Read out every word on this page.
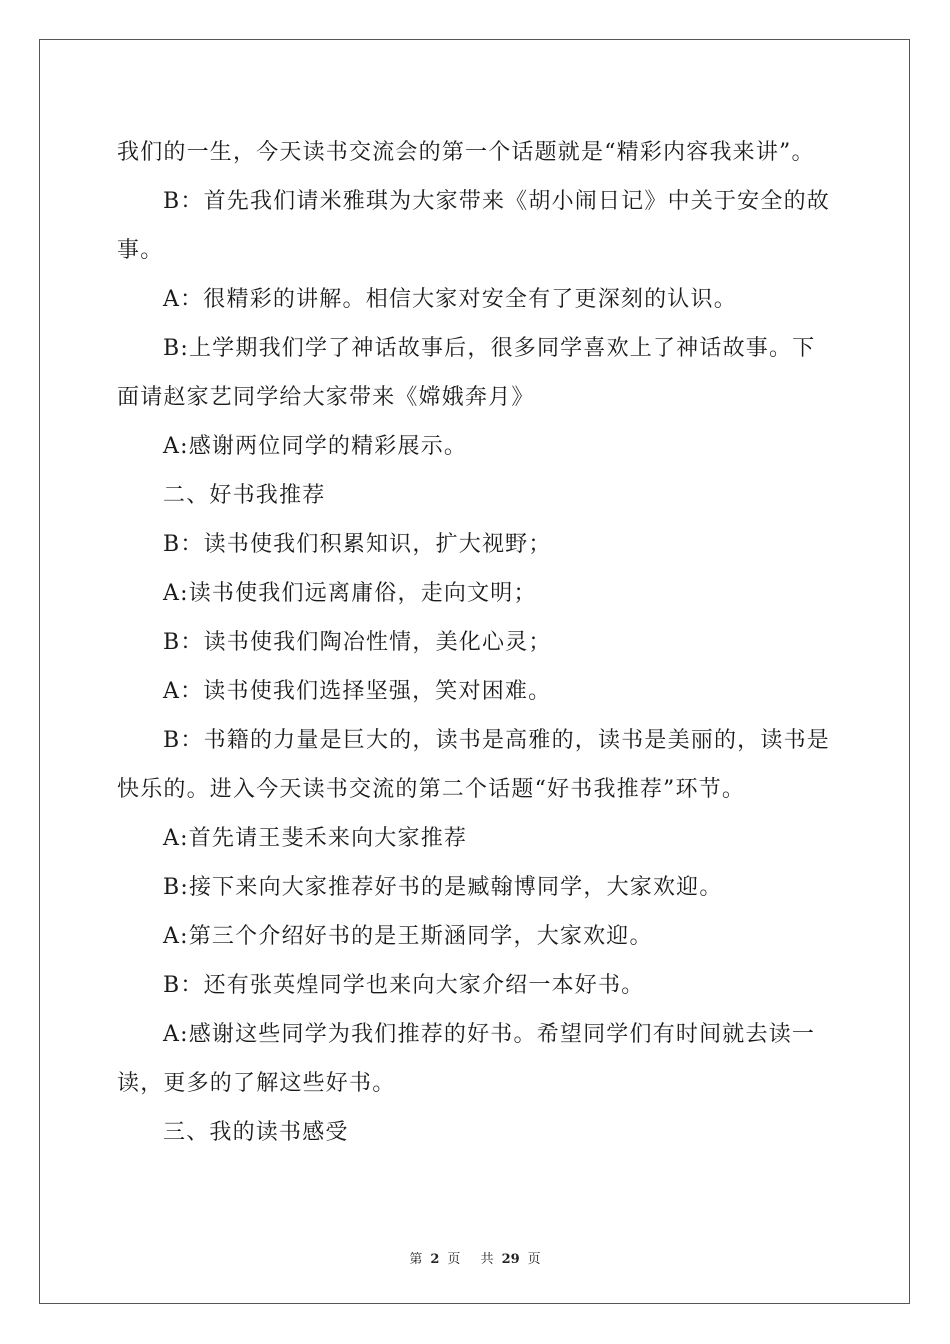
我们的一生，今天读书交流会的第一个话题就是“精彩内容我来讲”。

B：首先我们请米雅琪为大家带来《胡小闹日记》中关于安全的故事。

A：很精彩的讲解。相信大家对安全有了更深刻的认识。

B:上学期我们学了神话故事后，很多同学喜欢上了神话故事。下面请赵家艺同学给大家带来《嫦娥奔月》

A:感谢两位同学的精彩展示。

二、好书我推荐

B：读书使我们积累知识，扩大视野；

A:读书使我们远离庸俗，走向文明；

B：读书使我们陶冶性情，美化心灵；

A：读书使我们选择坚强，笑对困难。

B：书籍的力量是巨大的，读书是高雅的，读书是美丽的，读书是快乐的。进入今天读书交流的第二个话题“好书我推荐”环节。

A:首先请王斐禾来向大家推荐

B:接下来向大家推荐好书的是臧翰博同学，大家欢迎。

A:第三个介绍好书的是王斯涵同学，大家欢迎。

B：还有张英煌同学也来向大家介绍一本好书。

A:感谢这些同学为我们推荐的好书。希望同学们有时间就去读一读，更多的了解这些好书。

三、我的读书感受

第 2 页 共 29 页
